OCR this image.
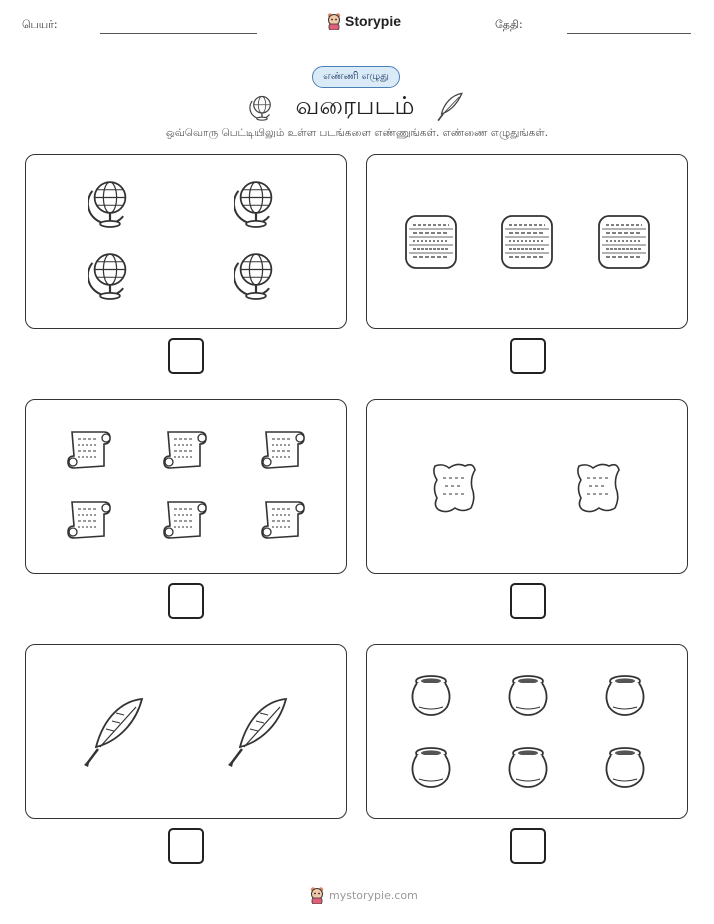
பெயர்:	Storypie	தேதி:
எண்ணி எழுது
வரைபடம்
ஒவ்வொரு பெட்டியிலும் உள்ள படங்களை எண்ணுங்கள். எண்ணை எழுதுங்கள்.
mystorypie.com
